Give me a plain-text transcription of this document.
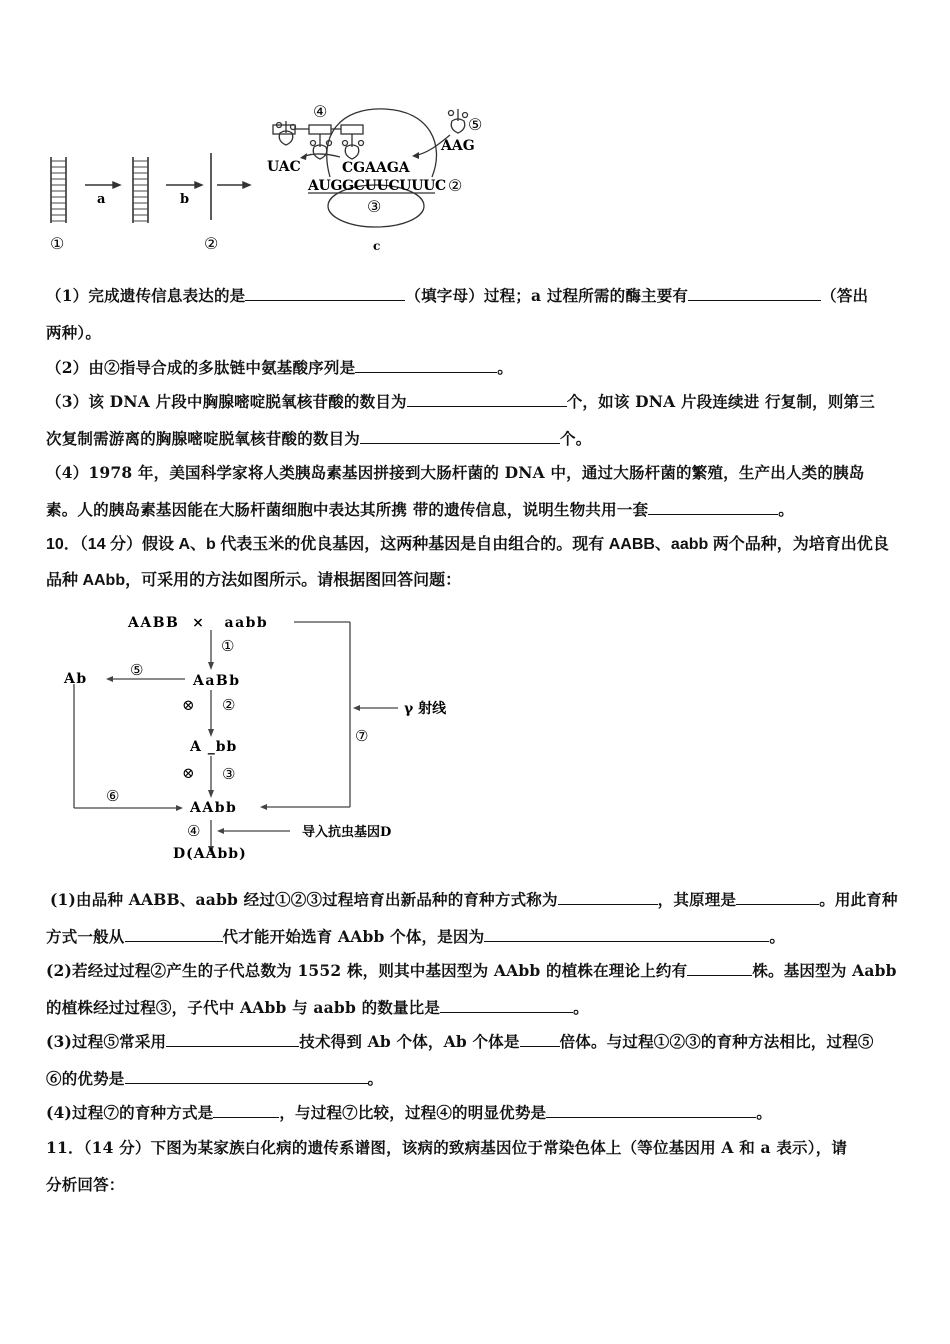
a	b
①	②
④
⑤
UAC	CGAAGA
AAG
AUGGCUUCUUUC ②
③
c
（1）完成遗传信息表达的是	（填字母）过程；a 过程所需的酶主要有	（答出
两种）。
（2）由②指导合成的多肽链中氨基酸序列是	。
（3）该 DNA 片段中胸腺嘧啶脱氧核苷酸的数目为	个，如该 DNA 片段连续进 行复制，则第三
次复制需游离的胸腺嘧啶脱氧核苷酸的数目为	个。
（4）1978 年，美国科学家将人类胰岛素基因拼接到大肠杆菌的 DNA 中，通过大肠杆菌的繁殖，生产出人类的胰岛
素。人的胰岛素基因能在大肠杆菌细胞中表达其所携 带的遗传信息，说明生物共用一套	。
10．（14 分）假设 A、b 代表玉米的优良基因，这两种基因是自由组合的。现有 AABB、aabb 两个品种，为培育出优良
品种 AAbb，可采用的方法如图所示。请根据图回答问题：
AABB  ×   aabb
①
AaBb
Ab	⑤
⊗ ②
A _bb
⊗ ③
⑥
AAbb
⑦
γ 射线
④	导入抗虫基因D
D(AAbb)
(1)由品种 AABB、aabb 经过①②③过程培育出新品种的育种方式称为	，其原理是	。用此育种
方式一般从	代才能开始选育 AAbb 个体，是因为	。
(2)若经过过程②产生的子代总数为 1552 株，则其中基因型为 AAbb 的植株在理论上约有	株。基因型为 Aabb
的植株经过过程③，子代中 AAbb 与 aabb 的数量比是	。
(3)过程⑤常采用	技术得到 Ab 个体，Ab 个体是	倍体。与过程①②③的育种方法相比，过程⑤
⑥的优势是	。
(4)过程⑦的育种方式是	，与过程⑦比较，过程④的明显优势是	。
11．（14 分）下图为某家族白化病的遗传系谱图，该病的致病基因位于常染色体上（等位基因用 A 和 a 表示），请
分析回答：
